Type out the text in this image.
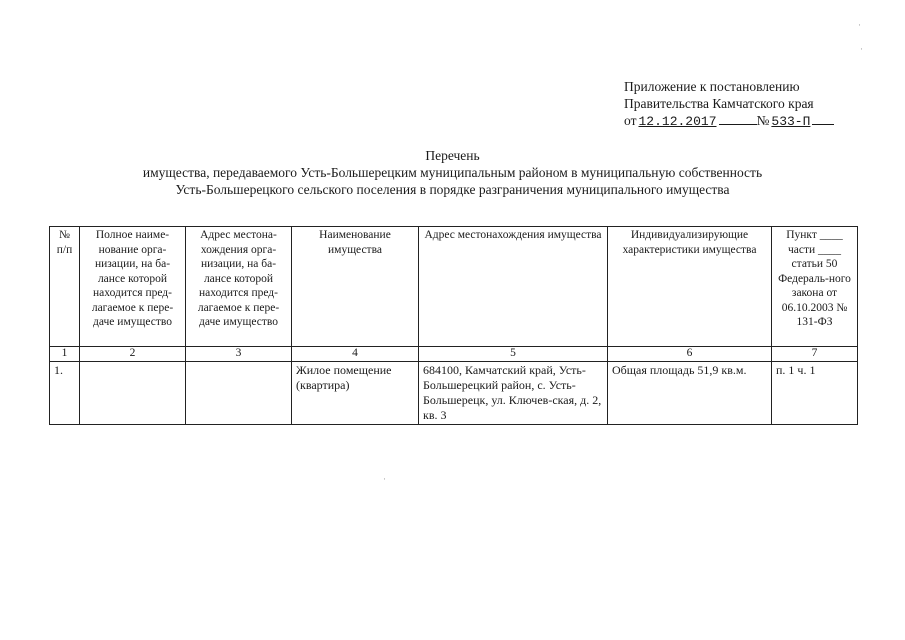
Приложение к постановлению
Правительства Камчатского края
от 12.12.2017	№ 533-П
Перечень
имущества, передаваемого Усть-Большерецким муниципальным районом в муниципальную собственность
Усть-Большерецкого сельского поселения в порядке разграничения муниципального имущества
№ п/п	Полное наиме-нование орга-низации, на ба-лансе которой находится пред-лагаемое к пере-даче имущество	Адрес местона-хождения орга-низации, на ба-лансе которой находится пред-лагаемое к пере-даче имущество	Наименование имущества	Адрес местонахождения имущества	Индивидуализирующие характеристики имущества	Пункт ____ части ____ статьи 50 Федераль-ного закона от 06.10.2003 № 131-ФЗ
1	2	3	4	5	6	7
1.			Жилое помещение (квартира)	684100, Камчатский край, Усть-Большерецкий район, с. Усть-Большерецк, ул. Ключев-ская, д. 2, кв. 3	Общая площадь 51,9 кв.м.	п. 1 ч. 1
·
·
·
